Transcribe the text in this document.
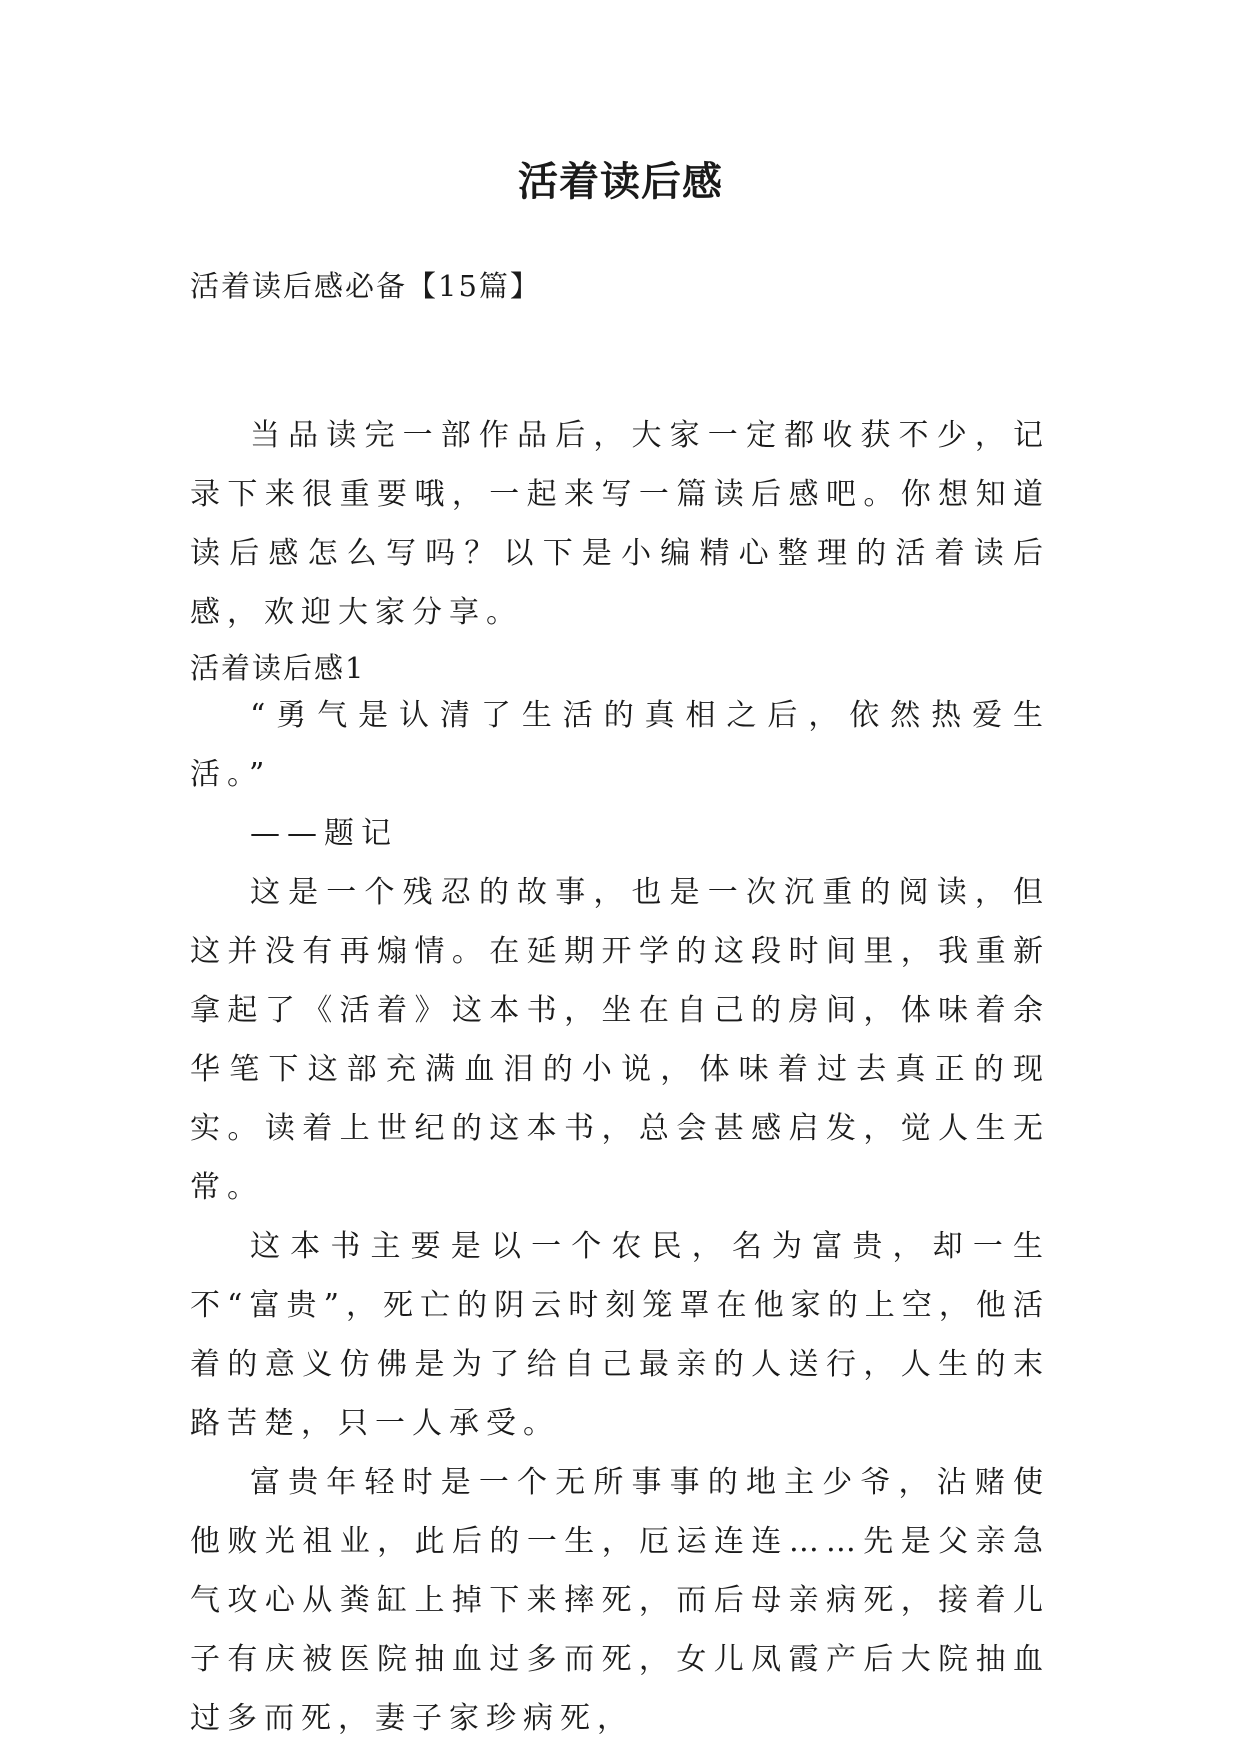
活着读后感
活着读后感必备【15篇】

当品读完一部作品后，大家一定都收获不少，记录下来很重要哦，一起来写一篇读后感吧。你想知道读后感怎么写吗？以下是小编精心整理的活着读后感，欢迎大家分享。

活着读后感1

“勇气是认清了生活的真相之后，依然热爱生活。”

——题记

这是一个残忍的故事，也是一次沉重的阅读，但这并没有再煽情。在延期开学的这段时间里，我重新拿起了《活着》这本书，坐在自己的房间，体味着余华笔下这部充满血泪的小说，体味着过去真正的现实。读着上世纪的这本书，总会甚感启发，觉人生无常。

这本书主要是以一个农民，名为富贵，却一生不“富贵”，死亡的阴云时刻笼罩在他家的上空，他活着的意义仿佛是为了给自己最亲的人送行，人生的末路苦楚，只一人承受。

富贵年轻时是一个无所事事的地主少爷，沾赌使他败光祖业，此后的一生，厄运连连……先是父亲急气攻心从粪缸上掉下来摔死，而后母亲病死，接着儿子有庆被医院抽血过多而死，女儿凤霞产后大院抽血过多而死，妻子家珍病死，
